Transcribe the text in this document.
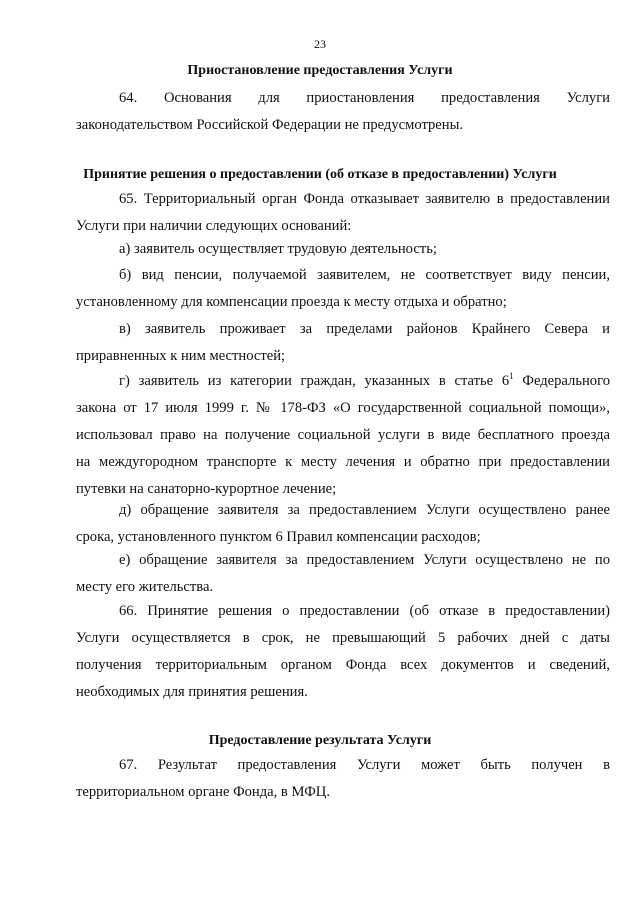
23
Приостановление предоставления Услуги
64. Основания для приостановления предоставления Услуги
законодательством Российской Федерации не предусмотрены.
Принятие решения о предоставлении (об отказе в предоставлении) Услуги
65. Территориальный орган Фонда отказывает заявителю в предоставлении
Услуги при наличии следующих оснований:
а) заявитель осуществляет трудовую деятельность;
б) вид пенсии, получаемой заявителем, не соответствует виду пенсии,
установленному для компенсации проезда к месту отдыха и обратно;
в) заявитель проживает за пределами районов Крайнего Севера и
приравненных к ним местностей;
г) заявитель из категории граждан, указанных в статье $6^1$ Федерального
закона от 17 июля 1999 г. № 178-ФЗ «О государственной социальной помощи»,
использовал право на получение социальной услуги в виде бесплатного проезда
на междугородном транспорте к месту лечения и обратно при предоставлении
путевки на санаторно-курортное лечение;
д) обращение заявителя за предоставлением Услуги осуществлено ранее
срока, установленного пунктом 6 Правил компенсации расходов;
е) обращение заявителя за предоставлением Услуги осуществлено не по
месту его жительства.
66. Принятие решения о предоставлении (об отказе в предоставлении)
Услуги осуществляется в срок, не превышающий 5 рабочих дней с даты
получения территориальным органом Фонда всех документов и сведений,
необходимых для принятия решения.
Предоставление результата Услуги
67. Результат предоставления Услуги может быть получен в
территориальном органе Фонда, в МФЦ.
